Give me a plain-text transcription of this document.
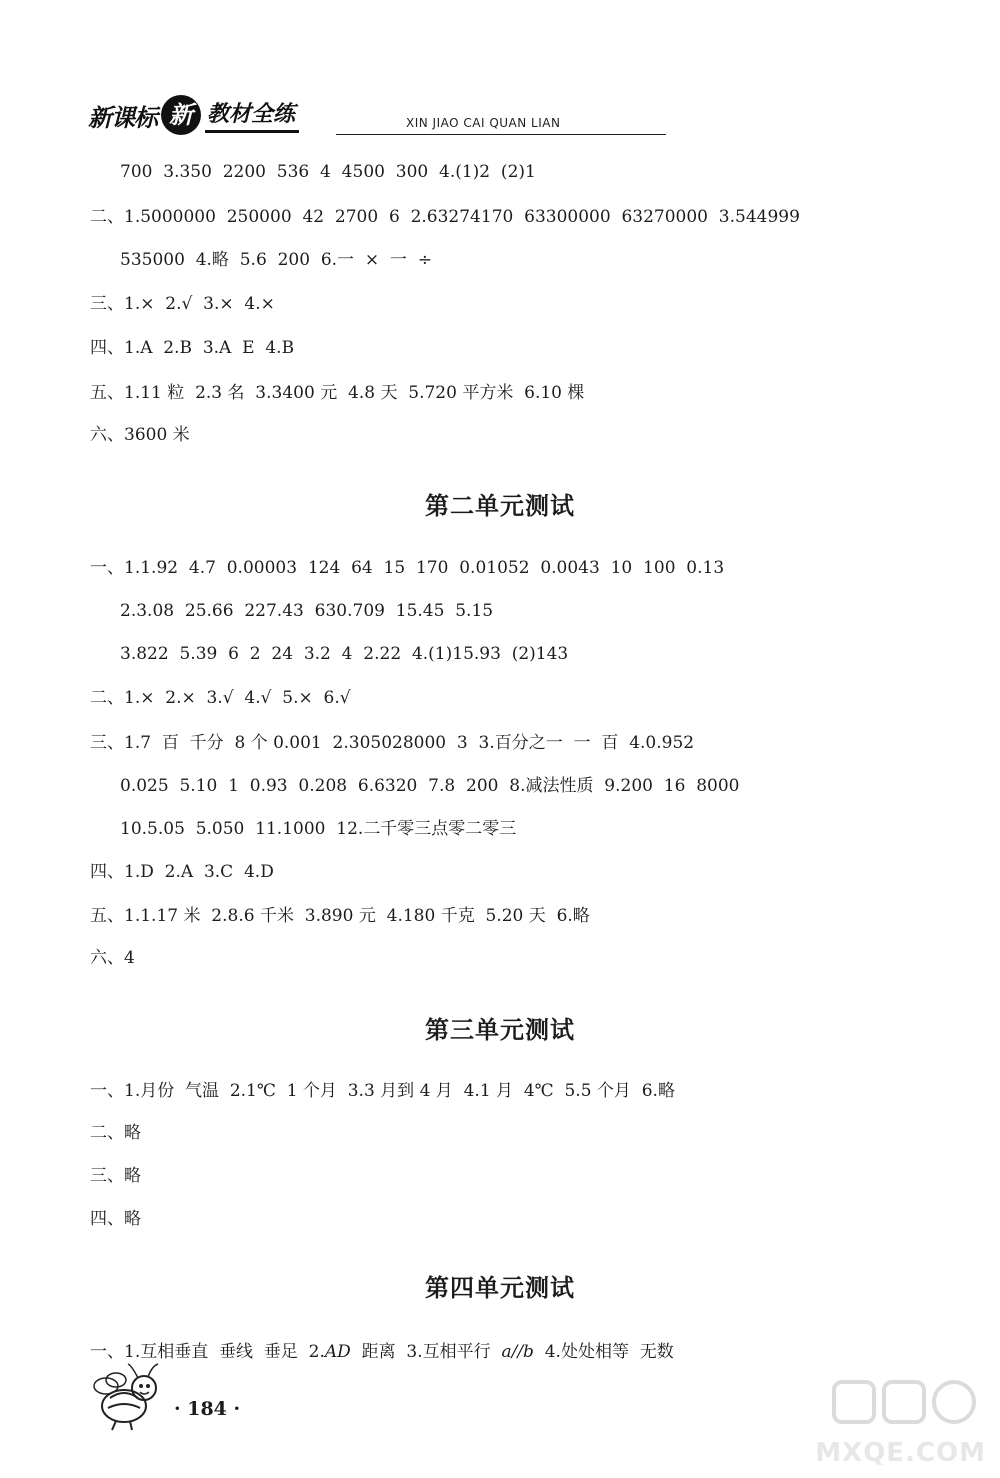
新课标 新 教材全练	XIN JIAO CAI QUAN LIAN
700  3.350  2200  536  4  4500  300  4.(1)2  (2)1
二、1.5000000  250000  42  2700  6  2.63274170  63300000  63270000  3.544999
535000  4.略  5.6  200  6.一  ×  一  ÷
三、1.×  2.√  3.×  4.×
四、1.A  2.B  3.A  E  4.B
五、1.11 粒  2.3 名  3.3400 元  4.8 天  5.720 平方米  6.10 棵
六、3600 米
第二单元测试
一、1.1.92  4.7  0.00003  124  64  15  170  0.01052  0.0043  10  100  0.13
2.3.08  25.66  227.43  630.709  15.45  5.15
3.822  5.39  6  2  24  3.2  4  2.22  4.(1)15.93  (2)143
二、1.×  2.×  3.√  4.√  5.×  6.√
三、1.7  百  千分  8 个 0.001  2.305028000  3  3.百分之一  一  百  4.0.952
0.025  5.10  1  0.93  0.208  6.6320  7.8  200  8.减法性质  9.200  16  8000
10.5.05  5.050  11.1000  12.二千零三点零二零三
四、1.D  2.A  3.C  4.D
五、1.1.17 米  2.8.6 千米  3.890 元  4.180 千克  5.20 天  6.略
六、4
第三单元测试
一、1.月份  气温  2.1℃  1 个月  3.3 月到 4 月  4.1 月  4℃  5.5 个月  6.略
二、略
三、略
四、略
第四单元测试
一、1.互相垂直  垂线  垂足  2.AD  距离  3.互相平行  a//b  4.处处相等  无数
· 184 ·
MXQE.COM
